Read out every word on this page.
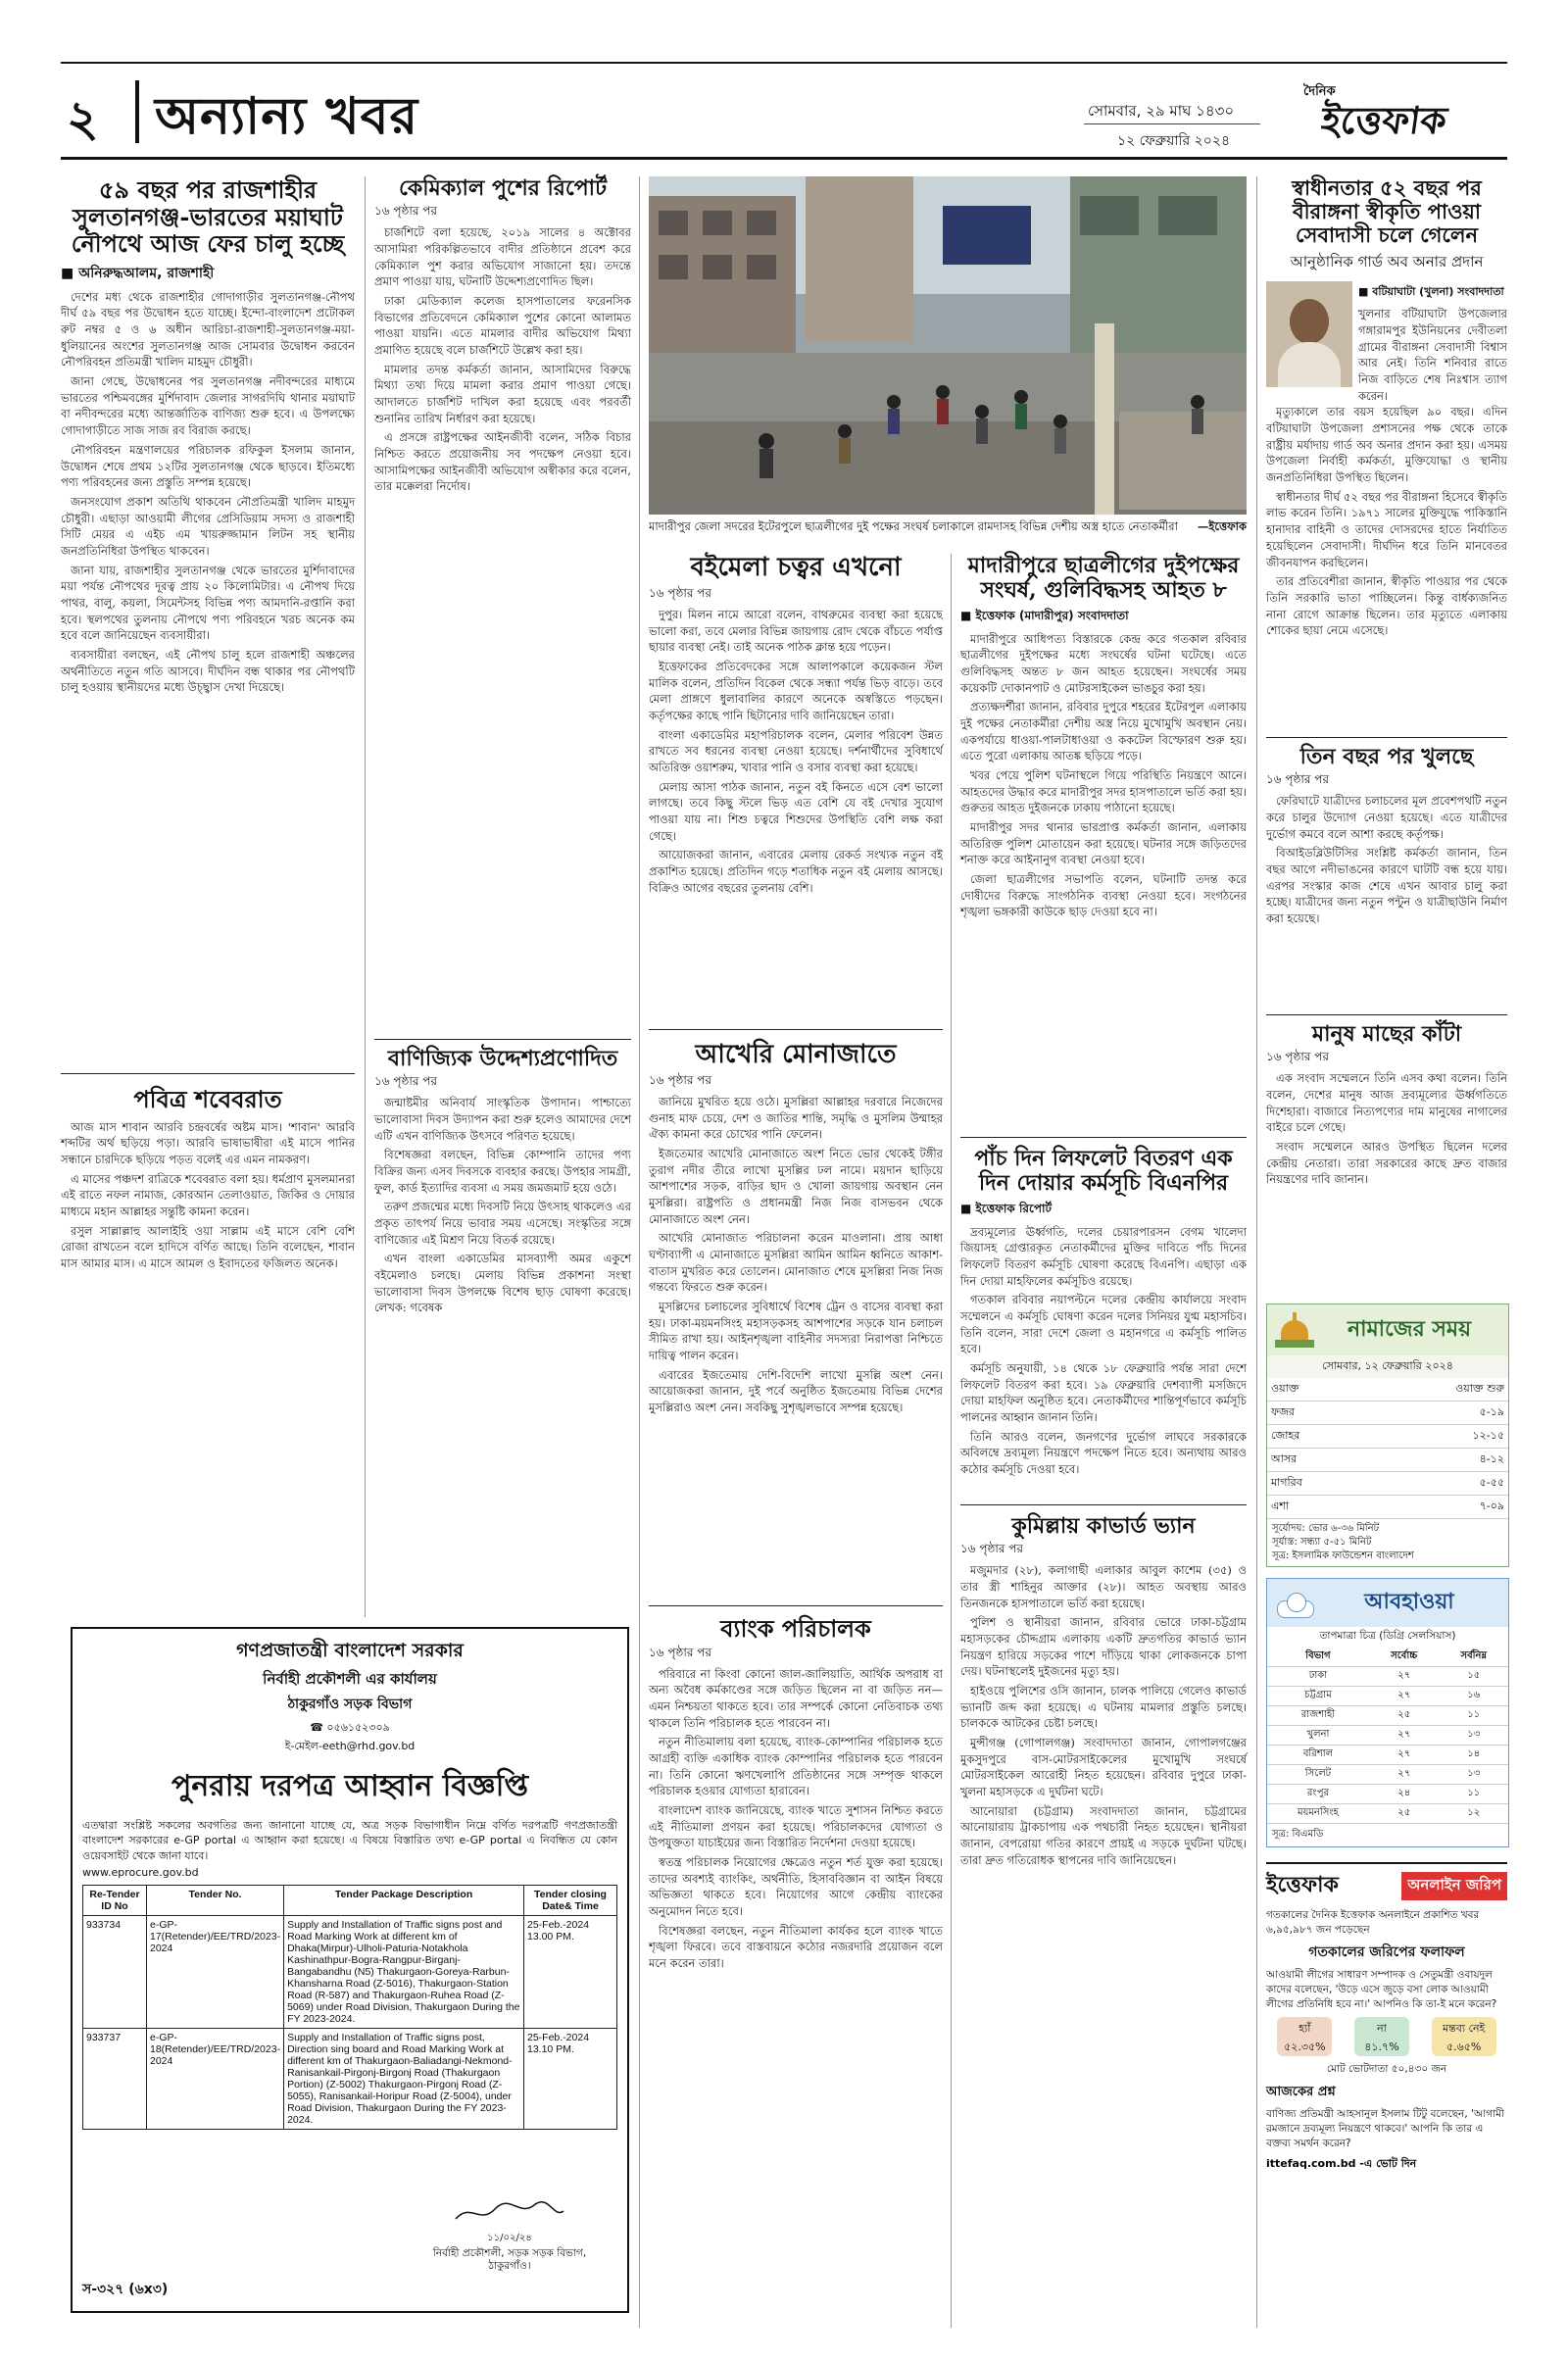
২ অন্যান্য খবর	সোমবার, ২৯ মাঘ ১৪৩০
১২ ফেব্রুয়ারি ২০২৪
দৈনিক
ইত্তেফাক
৫৯ বছর পর রাজশাহীর সুলতানগঞ্জ-ভারতের ময়াঘাট নৌপথে আজ ফের চালু হচ্ছে
■ অনিরুদ্ধআলম, রাজশাহী

দেশের মধ্য থেকে রাজশাহীর গোদাগাড়ীর সুলতানগঞ্জ-নৌপথ দীর্ঘ ৫৯ বছর পর উদ্বোধন হতে যাচ্ছে। ইন্দো-বাংলাদেশ প্রটোকল রুট নম্বর ৫ ও ৬ অধীন আরিচা-রাজশাহী-সুলতানগঞ্জ-ময়া-ধুলিয়ানের অংশের সুলতানগঞ্জ আজ সোমবার উদ্বোধন করবেন নৌপরিবহন প্রতিমন্ত্রী খালিদ মাহমুদ চৌধুরী।

জানা গেছে, উদ্বোধনের পর সুলতানগঞ্জ নদীবন্দরের মাধ্যমে ভারতের পশ্চিমবঙ্গের মুর্শিদাবাদ জেলার সাগরদিঘি থানার ময়াঘাট বা নদীবন্দরের মধ্যে আন্তর্জাতিক বাণিজ্য শুরু হবে। এ উপলক্ষ্যে গোদাগাড়ীতে সাজ সাজ রব বিরাজ করছে।

নৌপরিবহন মন্ত্রণালয়ের পরিচালক রফিকুল ইসলাম জানান, উদ্বোধন শেষে প্রথম ১২টির সুলতানগঞ্জ থেকে ছাড়বে। ইতিমধ্যে পণ্য পরিবহনের জন্য প্রস্তুতি সম্পন্ন হয়েছে।

জনসংযোগ প্রকাশ অতিথি থাকবেন নৌপ্রতিমন্ত্রী খালিদ মাহমুদ চৌধুরী। এছাড়া আওয়ামী লীগের প্রেসিডিয়াম সদস্য ও রাজশাহী সিটি মেয়র এ এইচ এম খায়রুজ্জামান লিটন সহ স্থানীয় জনপ্রতিনিধিরা উপস্থিত থাকবেন।

জানা যায়, রাজশাহীর সুলতানগঞ্জ থেকে ভারতের মুর্শিদাবাদের ময়া পর্যন্ত নৌপথের দূরত্ব প্রায় ২০ কিলোমিটার। এ নৌপথ দিয়ে পাথর, বালু, কয়লা, সিমেন্টসহ বিভিন্ন পণ্য আমদানি-রপ্তানি করা হবে। স্থলপথের তুলনায় নৌপথে পণ্য পরিবহনে খরচ অনেক কম হবে বলে জানিয়েছেন ব্যবসায়ীরা।

ব্যবসায়ীরা বলছেন, এই নৌপথ চালু হলে রাজশাহী অঞ্চলের অর্থনীতিতে নতুন গতি আসবে। দীর্ঘদিন বন্ধ থাকার পর নৌপথটি চালু হওয়ায় স্থানীয়দের মধ্যে উচ্ছ্বাস দেখা দিয়েছে।

পবিত্র শবেবরাত

আজ মাস শাবান আরবি চন্দ্রবর্ষের অষ্টম মাস। 'শাবান' আরবি শব্দটির অর্থ ছড়িয়ে পড়া। আরবি ভাষাভাষীরা এই মাসে পানির সন্ধানে চারদিকে ছড়িয়ে পড়ত বলেই এর এমন নামকরণ।

এ মাসের পঞ্চদশ রাত্রিকে শবেবরাত বলা হয়। ধর্মপ্রাণ মুসলমানরা এই রাতে নফল নামাজ, কোরআন তেলাওয়াত, জিকির ও দোয়ার মাধ্যমে মহান আল্লাহর সন্তুষ্টি কামনা করেন।

রসুল সাল্লাল্লাহু আলাইহি ওয়া সাল্লাম এই মাসে বেশি বেশি রোজা রাখতেন বলে হাদিসে বর্ণিত আছে। তিনি বলেছেন, শাবান মাস আমার মাস। এ মাসে আমল ও ইবাদতের ফজিলত অনেক।

কেমিক্যাল পুশের রিপোর্ট
১৬ পৃষ্ঠার পর

চার্জশিটে বলা হয়েছে, ২০১৯ সালের ৪ অক্টোবর আসামিরা পরিকল্পিতভাবে বাদীর প্রতিষ্ঠানে প্রবেশ করে কেমিক্যাল পুশ করার অভিযোগ সাজানো হয়। তদন্তে প্রমাণ পাওয়া যায়, ঘটনাটি উদ্দেশ্যপ্রণোদিত ছিল।

ঢাকা মেডিক্যাল কলেজ হাসপাতালের ফরেনসিক বিভাগের প্রতিবেদনে কেমিক্যাল পুশের কোনো আলামত পাওয়া যায়নি। এতে মামলার বাদীর অভিযোগ মিথ্যা প্রমাণিত হয়েছে বলে চার্জশিটে উল্লেখ করা হয়।

মামলার তদন্ত কর্মকর্তা জানান, আসামিদের বিরুদ্ধে মিথ্যা তথ্য দিয়ে মামলা করার প্রমাণ পাওয়া গেছে। আদালতে চার্জশিট দাখিল করা হয়েছে এবং পরবর্তী শুনানির তারিখ নির্ধারণ করা হয়েছে।

এ প্রসঙ্গে রাষ্ট্রপক্ষের আইনজীবী বলেন, সঠিক বিচার নিশ্চিত করতে প্রয়োজনীয় সব পদক্ষেপ নেওয়া হবে। আসামিপক্ষের আইনজীবী অভিযোগ অস্বীকার করে বলেন, তার মক্কেলরা নির্দোষ।

বাণিজ্যিক উদ্দেশ্যপ্রণোদিত
১৬ পৃষ্ঠার পর

জন্মাষ্টমীর অনিবার্য সাংস্কৃতিক উপাদান। পাশ্চাত্যে ভালোবাসা দিবস উদ্যাপন করা শুরু হলেও আমাদের দেশে এটি এখন বাণিজ্যিক উৎসবে পরিণত হয়েছে।

বিশেষজ্ঞরা বলছেন, বিভিন্ন কোম্পানি তাদের পণ্য বিক্রির জন্য এসব দিবসকে ব্যবহার করছে। উপহার সামগ্রী, ফুল, কার্ড ইত্যাদির ব্যবসা এ সময় জমজমাট হয়ে ওঠে।

তরুণ প্রজন্মের মধ্যে দিবসটি নিয়ে উৎসাহ থাকলেও এর প্রকৃত তাৎপর্য নিয়ে ভাবার সময় এসেছে। সংস্কৃতির সঙ্গে বাণিজ্যের এই মিশ্রণ নিয়ে বিতর্ক রয়েছে।

এখন বাংলা একাডেমির মাসব্যাপী অমর একুশে বইমেলাও চলছে। মেলায় বিভিন্ন প্রকাশনা সংস্থা ভালোবাসা দিবস উপলক্ষে বিশেষ ছাড় ঘোষণা করেছে। লেখক: গবেষক

মাদারীপুর জেলা সদরের ইটেরপুলে ছাত্রলীগের দুই পক্ষের সংঘর্ষ চলাকালে রামদাসহ বিভিন্ন দেশীয় অস্ত্র হাতে নেতাকর্মীরা —ইত্তেফাক
বইমেলা চত্বর এখনো
১৬ পৃষ্ঠার পর

দুপুর। মিলন নামে আরো বলেন, বাথরুমের ব্যবস্থা করা হয়েছে ভালো করা, তবে মেলার বিভিন্ন জায়গায় রোদ থেকে বাঁচতে পর্যাপ্ত ছায়ার ব্যবস্থা নেই। তাই অনেক পাঠক ক্লান্ত হয়ে পড়েন।

ইত্তেফাকের প্রতিবেদকের সঙ্গে আলাপকালে কয়েকজন স্টল মালিক বলেন, প্রতিদিন বিকেল থেকে সন্ধ্যা পর্যন্ত ভিড় বাড়ে। তবে মেলা প্রাঙ্গণে ধুলাবালির কারণে অনেকে অস্বস্তিতে পড়ছেন। কর্তৃপক্ষের কাছে পানি ছিটানোর দাবি জানিয়েছেন তারা।

বাংলা একাডেমির মহাপরিচালক বলেন, মেলার পরিবেশ উন্নত রাখতে সব ধরনের ব্যবস্থা নেওয়া হয়েছে। দর্শনার্থীদের সুবিধার্থে অতিরিক্ত ওয়াশরুম, খাবার পানি ও বসার ব্যবস্থা করা হয়েছে।

মেলায় আসা পাঠক জানান, নতুন বই কিনতে এসে বেশ ভালো লাগছে। তবে কিছু স্টলে ভিড় এত বেশি যে বই দেখার সুযোগ পাওয়া যায় না। শিশু চত্বরে শিশুদের উপস্থিতি বেশি লক্ষ করা গেছে।

আয়োজকরা জানান, এবারের মেলায় রেকর্ড সংখ্যক নতুন বই প্রকাশিত হয়েছে। প্রতিদিন গড়ে শতাধিক নতুন বই মেলায় আসছে। বিক্রিও আগের বছরের তুলনায় বেশি।

আখেরি মোনাজাতে
১৬ পৃষ্ঠার পর

জানিয়ে মুখরিত হয়ে ওঠে। মুসল্লিরা আল্লাহর দরবারে নিজেদের গুনাহ মাফ চেয়ে, দেশ ও জাতির শান্তি, সমৃদ্ধি ও মুসলিম উম্মাহর ঐক্য কামনা করে চোখের পানি ফেলেন।

ইজতেমার আখেরি মোনাজাতে অংশ নিতে ভোর থেকেই টঙ্গীর তুরাগ নদীর তীরে লাখো মুসল্লির ঢল নামে। ময়দান ছাড়িয়ে আশপাশের সড়ক, বাড়ির ছাদ ও খোলা জায়গায় অবস্থান নেন মুসল্লিরা। রাষ্ট্রপতি ও প্রধানমন্ত্রী নিজ নিজ বাসভবন থেকে মোনাজাতে অংশ নেন।

আখেরি মোনাজাত পরিচালনা করেন মাওলানা। প্রায় আধা ঘণ্টাব্যাপী এ মোনাজাতে মুসল্লিরা আমিন আমিন ধ্বনিতে আকাশ-বাতাস মুখরিত করে তোলেন। মোনাজাত শেষে মুসল্লিরা নিজ নিজ গন্তব্যে ফিরতে শুরু করেন।

মুসল্লিদের চলাচলের সুবিধার্থে বিশেষ ট্রেন ও বাসের ব্যবস্থা করা হয়। ঢাকা-ময়মনসিংহ মহাসড়কসহ আশপাশের সড়কে যান চলাচল সীমিত রাখা হয়। আইনশৃঙ্খলা বাহিনীর সদস্যরা নিরাপত্তা নিশ্চিতে দায়িত্ব পালন করেন।

এবারের ইজতেমায় দেশি-বিদেশি লাখো মুসল্লি অংশ নেন। আয়োজকরা জানান, দুই পর্বে অনুষ্ঠিত ইজতেমায় বিভিন্ন দেশের মুসল্লিরাও অংশ নেন। সবকিছু সুশৃঙ্খলভাবে সম্পন্ন হয়েছে।

ব্যাংক পরিচালক
১৬ পৃষ্ঠার পর

পরিবারে না কিংবা কোনো জাল-জালিয়াতি, আর্থিক অপরাধ বা অন্য অবৈধ কর্মকাণ্ডের সঙ্গে জড়িত ছিলেন না বা জড়িত নন—এমন নিশ্চয়তা থাকতে হবে। তার সম্পর্কে কোনো নেতিবাচক তথ্য থাকলে তিনি পরিচালক হতে পারবেন না।

নতুন নীতিমালায় বলা হয়েছে, ব্যাংক-কোম্পানির পরিচালক হতে আগ্রহী ব্যক্তি একাধিক ব্যাংক কোম্পানির পরিচালক হতে পারবেন না। তিনি কোনো ঋণখেলাপি প্রতিষ্ঠানের সঙ্গে সম্পৃক্ত থাকলে পরিচালক হওয়ার যোগ্যতা হারাবেন।

বাংলাদেশ ব্যাংক জানিয়েছে, ব্যাংক খাতে সুশাসন নিশ্চিত করতে এই নীতিমালা প্রণয়ন করা হয়েছে। পরিচালকদের যোগ্যতা ও উপযুক্ততা যাচাইয়ের জন্য বিস্তারিত নির্দেশনা দেওয়া হয়েছে।

স্বতন্ত্র পরিচালক নিয়োগের ক্ষেত্রেও নতুন শর্ত যুক্ত করা হয়েছে। তাদের অবশ্যই ব্যাংকিং, অর্থনীতি, হিসাববিজ্ঞান বা আইন বিষয়ে অভিজ্ঞতা থাকতে হবে। নিয়োগের আগে কেন্দ্রীয় ব্যাংকের অনুমোদন নিতে হবে।

বিশেষজ্ঞরা বলছেন, নতুন নীতিমালা কার্যকর হলে ব্যাংক খাতে শৃঙ্খলা ফিরবে। তবে বাস্তবায়নে কঠোর নজরদারি প্রয়োজন বলে মনে করেন তারা।

মাদারীপুরে ছাত্রলীগের দুইপক্ষের সংঘর্ষ, গুলিবিদ্ধসহ আহত ৮
■ ইত্তেফাক (মাদারীপুর) সংবাদদাতা

মাদারীপুরে আধিপত্য বিস্তারকে কেন্দ্র করে গতকাল রবিবার ছাত্রলীগের দুইপক্ষের মধ্যে সংঘর্ষের ঘটনা ঘটেছে। এতে গুলিবিদ্ধসহ অন্তত ৮ জন আহত হয়েছেন। সংঘর্ষের সময় কয়েকটি দোকানপাট ও মোটরসাইকেল ভাঙচুর করা হয়।

প্রত্যক্ষদর্শীরা জানান, রবিবার দুপুরে শহরের ইটেরপুল এলাকায় দুই পক্ষের নেতাকর্মীরা দেশীয় অস্ত্র নিয়ে মুখোমুখি অবস্থান নেয়। একপর্যায়ে ধাওয়া-পালটাধাওয়া ও ককটেল বিস্ফোরণ শুরু হয়। এতে পুরো এলাকায় আতঙ্ক ছড়িয়ে পড়ে।

খবর পেয়ে পুলিশ ঘটনাস্থলে গিয়ে পরিস্থিতি নিয়ন্ত্রণে আনে। আহতদের উদ্ধার করে মাদারীপুর সদর হাসপাতালে ভর্তি করা হয়। গুরুতর আহত দুইজনকে ঢাকায় পাঠানো হয়েছে।

মাদারীপুর সদর থানার ভারপ্রাপ্ত কর্মকর্তা জানান, এলাকায় অতিরিক্ত পুলিশ মোতায়েন করা হয়েছে। ঘটনার সঙ্গে জড়িতদের শনাক্ত করে আইনানুগ ব্যবস্থা নেওয়া হবে।

জেলা ছাত্রলীগের সভাপতি বলেন, ঘটনাটি তদন্ত করে দোষীদের বিরুদ্ধে সাংগঠনিক ব্যবস্থা নেওয়া হবে। সংগঠনের শৃঙ্খলা ভঙ্গকারী কাউকে ছাড় দেওয়া হবে না।

পাঁচ দিন লিফলেট বিতরণ এক দিন দোয়ার কর্মসূচি বিএনপির
■ ইত্তেফাক রিপোর্ট

দ্রব্যমূল্যের ঊর্ধ্বগতি, দলের চেয়ারপারসন বেগম খালেদা জিয়াসহ গ্রেপ্তারকৃত নেতাকর্মীদের মুক্তির দাবিতে পাঁচ দিনের লিফলেট বিতরণ কর্মসূচি ঘোষণা করেছে বিএনপি। এছাড়া এক দিন দোয়া মাহফিলের কর্মসূচিও রয়েছে।

গতকাল রবিবার নয়াপল্টনে দলের কেন্দ্রীয় কার্যালয়ে সংবাদ সম্মেলনে এ কর্মসূচি ঘোষণা করেন দলের সিনিয়র যুগ্ম মহাসচিব। তিনি বলেন, সারা দেশে জেলা ও মহানগরে এ কর্মসূচি পালিত হবে।

কর্মসূচি অনুযায়ী, ১৪ থেকে ১৮ ফেব্রুয়ারি পর্যন্ত সারা দেশে লিফলেট বিতরণ করা হবে। ১৯ ফেব্রুয়ারি দেশব্যাপী মসজিদে দোয়া মাহফিল অনুষ্ঠিত হবে। নেতাকর্মীদের শান্তিপূর্ণভাবে কর্মসূচি পালনের আহ্বান জানান তিনি।

তিনি আরও বলেন, জনগণের দুর্ভোগ লাঘবে সরকারকে অবিলম্বে দ্রব্যমূল্য নিয়ন্ত্রণে পদক্ষেপ নিতে হবে। অন্যথায় আরও কঠোর কর্মসূচি দেওয়া হবে।

কুমিল্লায় কাভার্ড ভ্যান
১৬ পৃষ্ঠার পর

মজুমদার (২৮), কলাগাছী এলাকার আবুল কাশেম (৩৫) ও তার স্ত্রী শাহিনুর আক্তার (২৮)। আহত অবস্থায় আরও তিনজনকে হাসপাতালে ভর্তি করা হয়েছে।

পুলিশ ও স্থানীয়রা জানান, রবিবার ভোরে ঢাকা-চট্টগ্রাম মহাসড়কের চৌদ্দগ্রাম এলাকায় একটি দ্রুতগতির কাভার্ড ভ্যান নিয়ন্ত্রণ হারিয়ে সড়কের পাশে দাঁড়িয়ে থাকা লোকজনকে চাপা দেয়। ঘটনাস্থলেই দুইজনের মৃত্যু হয়।

হাইওয়ে পুলিশের ওসি জানান, চালক পালিয়ে গেলেও কাভার্ড ভ্যানটি জব্দ করা হয়েছে। এ ঘটনায় মামলার প্রস্তুতি চলছে। চালককে আটকের চেষ্টা চলছে।

মুন্সীগঞ্জ (গোপালগঞ্জ) সংবাদদাতা জানান, গোপালগঞ্জের মুকসুদপুরে বাস-মোটরসাইকেলের মুখোমুখি সংঘর্ষে মোটরসাইকেল আরোহী নিহত হয়েছেন। রবিবার দুপুরে ঢাকা-খুলনা মহাসড়কে এ দুর্ঘটনা ঘটে।

আনোয়ারা (চট্টগ্রাম) সংবাদদাতা জানান, চট্টগ্রামের আনোয়ারায় ট্রাকচাপায় এক পথচারী নিহত হয়েছেন। স্থানীয়রা জানান, বেপরোয়া গতির কারণে প্রায়ই এ সড়কে দুর্ঘটনা ঘটছে। তারা দ্রুত গতিরোধক স্থাপনের দাবি জানিয়েছেন।

স্বাধীনতার ৫২ বছর পর বীরাঙ্গনা স্বীকৃতি পাওয়া সেবাদাসী চলে গেলেন
আনুষ্ঠানিক গার্ড অব অনার প্রদান
■ বটিয়াঘাটা (খুলনা) সংবাদদাতা
খুলনার বটিয়াঘাটা উপজেলার গঙ্গারামপুর ইউনিয়নের দেবীতলা গ্রামের বীরাঙ্গনা সেবাদাসী বিশ্বাস আর নেই। তিনি শনিবার রাতে নিজ বাড়িতে শেষ নিঃশ্বাস ত্যাগ করেন।

মৃত্যুকালে তার বয়স হয়েছিল ৯০ বছর। এদিন বটিয়াঘাটা উপজেলা প্রশাসনের পক্ষ থেকে তাকে রাষ্ট্রীয় মর্যাদায় গার্ড অব অনার প্রদান করা হয়। এসময় উপজেলা নির্বাহী কর্মকর্তা, মুক্তিযোদ্ধা ও স্থানীয় জনপ্রতিনিধিরা উপস্থিত ছিলেন।

স্বাধীনতার দীর্ঘ ৫২ বছর পর বীরাঙ্গনা হিসেবে স্বীকৃতি লাভ করেন তিনি। ১৯৭১ সালের মুক্তিযুদ্ধে পাকিস্তানি হানাদার বাহিনী ও তাদের দোসরদের হাতে নির্যাতিত হয়েছিলেন সেবাদাসী। দীর্ঘদিন ধরে তিনি মানবেতর জীবনযাপন করছিলেন।

তার প্রতিবেশীরা জানান, স্বীকৃতি পাওয়ার পর থেকে তিনি সরকারি ভাতা পাচ্ছিলেন। কিন্তু বার্ধক্যজনিত নানা রোগে আক্রান্ত ছিলেন। তার মৃত্যুতে এলাকায় শোকের ছায়া নেমে এসেছে।

তিন বছর পর খুলছে
১৬ পৃষ্ঠার পর

ফেরিঘাটে যাত্রীদের চলাচলের মূল প্রবেশপথটি নতুন করে চালুর উদ্যোগ নেওয়া হয়েছে। এতে যাত্রীদের দুর্ভোগ কমবে বলে আশা করছে কর্তৃপক্ষ।

বিআইডব্লিউটিসির সংশ্লিষ্ট কর্মকর্তা জানান, তিন বছর আগে নদীভাঙনের কারণে ঘাটটি বন্ধ হয়ে যায়। এরপর সংস্কার কাজ শেষে এখন আবার চালু করা হচ্ছে। যাত্রীদের জন্য নতুন পন্টুন ও যাত্রীছাউনি নির্মাণ করা হয়েছে।

মানুষ মাছের কাঁটা
১৬ পৃষ্ঠার পর

এক সংবাদ সম্মেলনে তিনি এসব কথা বলেন। তিনি বলেন, দেশের মানুষ আজ দ্রব্যমূল্যের ঊর্ধ্বগতিতে দিশেহারা। বাজারে নিত্যপণ্যের দাম মানুষের নাগালের বাইরে চলে গেছে।

সংবাদ সম্মেলনে আরও উপস্থিত ছিলেন দলের কেন্দ্রীয় নেতারা। তারা সরকারের কাছে দ্রুত বাজার নিয়ন্ত্রণের দাবি জানান।

নামাজের সময়
সোমবার, ১২ ফেব্রুয়ারি ২০২৪
ওয়াক্ত	ওয়াক্ত শুরু
ফজর	৫-১৯
জোহর	১২-১৫
আসর	৪-১২
মাগরিব	৫-৫৫
এশা	৭-০৯
সূর্যোদয়: ভোর ৬-৩৬ মিনিট
সূর্যাস্ত: সন্ধ্যা ৫-৫১ মিনিট
সূত্র: ইসলামিক ফাউন্ডেশন বাংলাদেশ
আবহাওয়া
তাপমাত্রা চিত্র (ডিগ্রি সেলসিয়াস)
বিভাগ	সর্বোচ্চ	সর্বনিম্ন
ঢাকা	২৭	১৫
চট্টগ্রাম	২৭	১৬
রাজশাহী	২৫	১১
খুলনা	২৭	১৩
বরিশাল	২৭	১৪
সিলেট	২৭	১৩
রংপুর	২৪	১১
ময়মনসিংহ	২৫	১২
সূত্র: বিএমডি
ইত্তেফাক	অনলাইন জরিপ
গতকালের দৈনিক ইত্তেফাক অনলাইনে প্রকাশিত খবর ৬,৯৫,৯৮৭ জন পড়েছেন
গতকালের জরিপের ফলাফল
আওয়ামী লীগের সাধারণ সম্পাদক ও সেতুমন্ত্রী ওবায়দুল কাদের বলেছেন, 'উড়ে এসে জুড়ে বসা লোক আওয়ামী লীগের প্রতিনিধি হবে না।' আপনিও কি তা-ই মনে করেন?
হ্যাঁ
৫২.৩৫%
না
৪১.৭%
মন্তব্য নেই
৫.৬৫%
মোট ভোটদাতা ৫০,৪৩০ জন
আজকের প্রশ্ন
বাণিজ্য প্রতিমন্ত্রী আহসানুল ইসলাম টিটু বলেছেন, 'আগামী রমজানে দ্রব্যমূল্য নিয়ন্ত্রণে থাকবে।' আপনি কি তার এ বক্তব্য সমর্থন করেন?
ittefaq.com.bd -এ ভোট দিন
গণপ্রজাতন্ত্রী বাংলাদেশ সরকার
নির্বাহী প্রকৌশলী এর কার্যালয়
ঠাকুরগাঁও সড়ক বিভাগ
☎ ০৫৬১৫২৩০৯
ই-মেইল-eeth@rhd.gov.bd
পুনরায় দরপত্র আহ্বান বিজ্ঞপ্তি
এতদ্বারা সংশ্লিষ্ট সকলের অবগতির জন্য জানানো যাচ্ছে যে, অত্র সড়ক বিভাগাধীন নিম্নে বর্ণিত দরপত্রটি গণপ্রজাতন্ত্রী বাংলাদেশ সরকারের e-GP portal এ আহ্বান করা হয়েছে। এ বিষয়ে বিস্তারিত তথ্য e-GP portal এ নিবন্ধিত যে কোন ওয়েবসাইট থেকে জানা যাবে।
www.eprocure.gov.bd
Re-Tender ID No	Tender No.	Tender Package Description	Tender closing Date& Time
933734	e-GP-17(Retender)/EE/TRD/2023-2024	Supply and Installation of Traffic signs post and Road Marking Work at different km of Dhaka(Mirpur)-Ulholi-Paturia-Notakhola Kashinathpur-Bogra-Rangpur-Birganj-Bangabandhu (N5) Thakurgaon-Goreya-Rarbun-Khansharna Road (Z-5016), Thakurgaon-Station Road (R-587) and Thakurgaon-Ruhea Road (Z-5069) under Road Division, Thakurgaon During the FY 2023-2024.	25-Feb.-2024 13.00 PM.
933737	e-GP-18(Retender)/EE/TRD/2023-2024	Supply and Installation of Traffic signs post, Direction sing board and Road Marking Work at different km of Thakurgaon-Baliadangi-Nekmond-Ranisankail-Pirgonj-Birgonj Road (Thakurgaon Portion) (Z-5002) Thakurgaon-Pirgonj Road (Z-5055), Ranisankail-Horipur Road (Z-5004), under Road Division, Thakurgaon During the FY 2023-2024.	25-Feb.-2024 13.10 PM.
১১/০২/২৪
নির্বাহী প্রকৌশলী, সড়ক সড়ক বিভাগ, ঠাকুরগাঁও।
স-৩২৭ (৬x৩)
